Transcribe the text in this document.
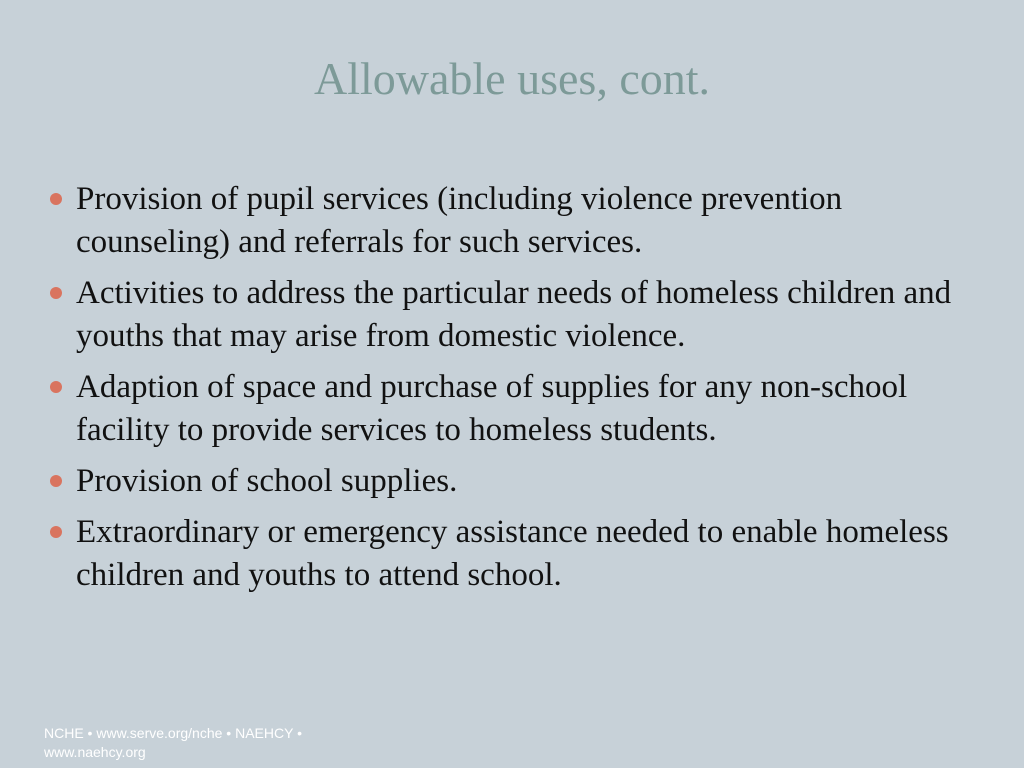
Allowable uses, cont.
Provision of pupil services (including violence prevention counseling) and referrals for such services.
Activities to address the particular needs of homeless children and youths that may arise from domestic violence.
Adaption of space and purchase of supplies for any non-school facility to provide services to homeless students.
Provision of school supplies.
Extraordinary or emergency assistance needed to enable homeless children and youths to attend school.
NCHE • www.serve.org/nche • NAEHCY • www.naehcy.org
